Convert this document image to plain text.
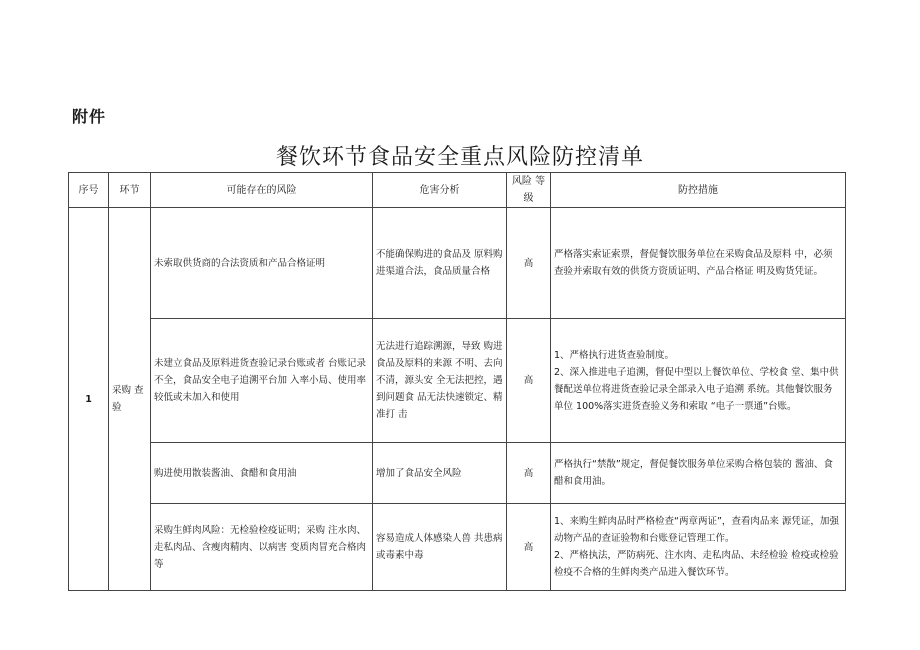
附件
餐饮环节食品安全重点风险防控清单
序号	环节	可能存在的风险	危害分析	风险 等级	防控措施
1	采购 查验	未索取供货商的合法资质和产品合格证明	不能确保购进的食品及 原料购进渠道合法，食品质量合格	高	严格落实索证索票，督促餐饮服务单位在采购食品及原料 中，必须查验并索取有效的供货方资质证明、产品合格证 明及购货凭证。

		未建立食品及原料进货查验记录台账或者 台账记录不全，食品安全电子追溯平台加 入率小局、使用率较低或未加入和使用	无法进行追踪溯源，导致 购进食品及原料的来源 不明、去向不清，源头安 全无法把控，遇到问题食 品无法快速锁定、精准打 击	高	1、严格执行进货查验制度。
2、深入推进电子追溯，督促中型以上餐饮单位、学校食 堂、集中供餐配送单位将进货查验记录全部录入电子追溯 系统。其他餐饮服务单位 100%落实进货查验义务和索取 “电子一票通”台账。

		购进使用散装酱油、食醋和食用油	增加了食品安全风险	高	严格执行“禁散”规定，督促餐饮服务单位采购合格包装的 酱油、食醋和食用油。

		采购生鲜肉风险：无检验检疫证明；采购 注水肉、走私肉品、含瘦肉精肉、以病害 变质肉冒充合格肉等	容易造成人体感染人兽 共患病或毒素中毒	高	1、来购生鲜肉品时严格检查“两章两证”，查看肉品来 源凭证，加强动物产品的查证验物和台账登记管理工作。
2、严格执法，严防病死、注水肉、走私肉品、未经检验 检疫或检验检疫不合格的生鲜肉类产品进入餐饮环节。
